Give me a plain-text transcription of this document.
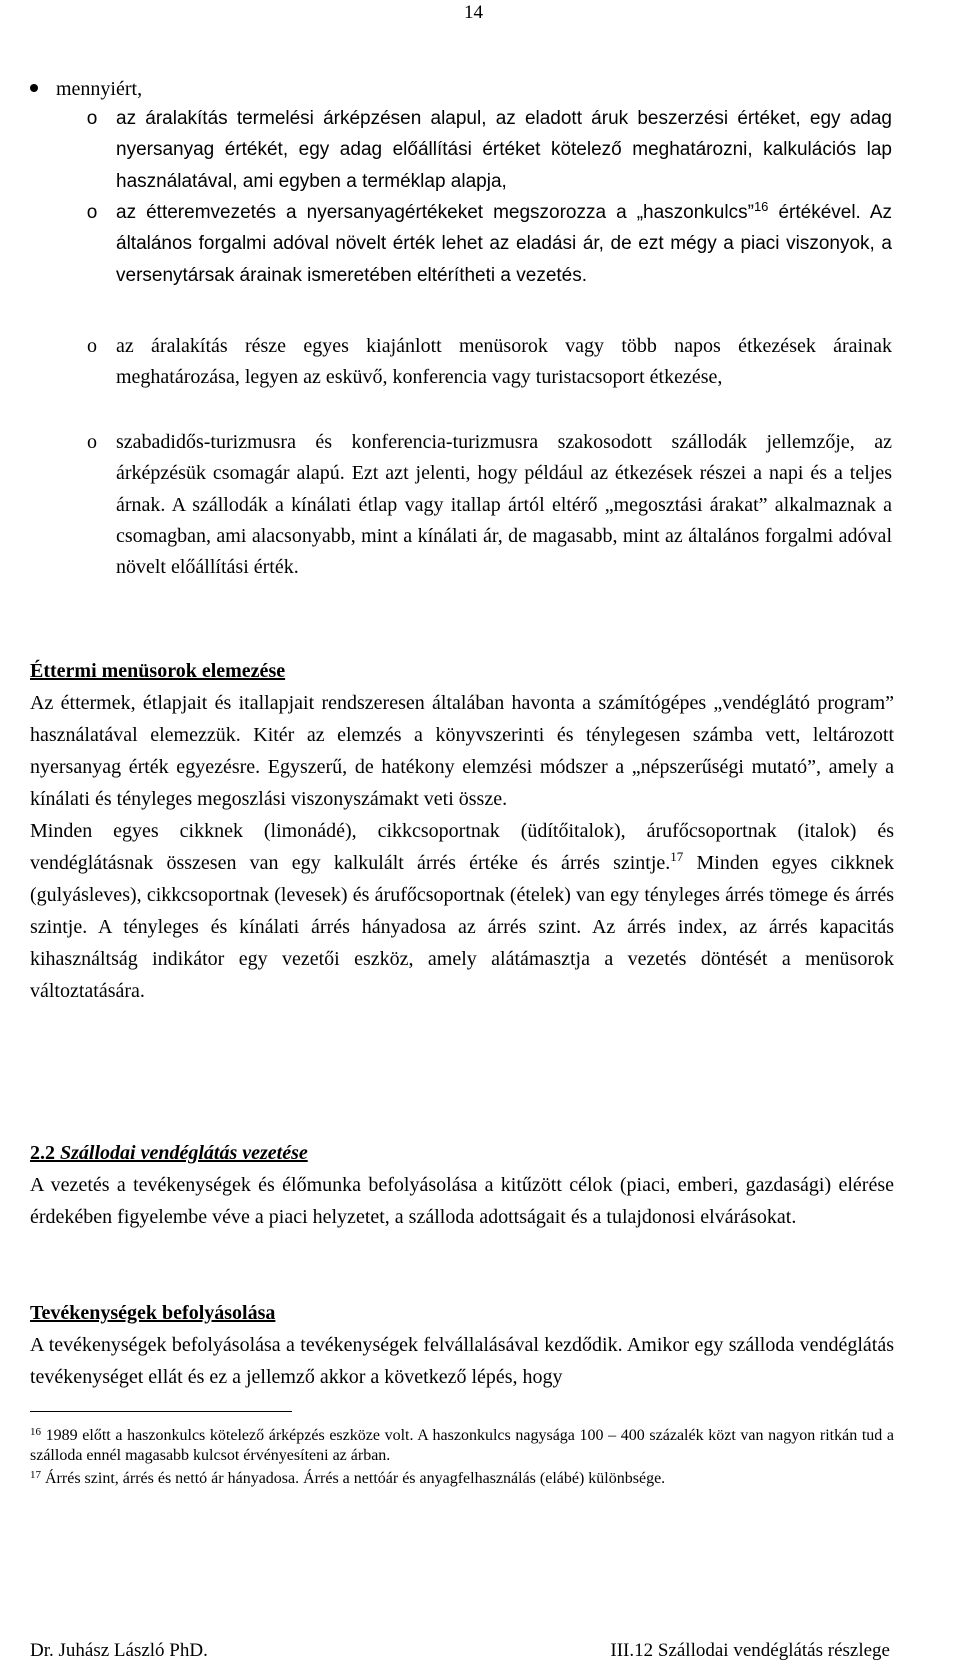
14
mennyiért,
o az áralakítás termelési árképzésen alapul, az eladott áruk beszerzési értéket, egy adag nyersanyag értékét, egy adag előállítási értéket kötelező meghatározni, kalkulációs lap használatával, ami egyben a terméklap alapja,
o az étteremvezetés a nyersanyagértékeket megszorozza a „haszonkulcs”$^{16}$ értékével. Az általános forgalmi adóval növelt érték lehet az eladási ár, de ezt mégy a piaci viszonyok, a versenytársak árainak ismeretében eltérítheti a vezetés.
o az áralakítás része egyes kiajánlott menüsorok vagy több napos étkezések árainak meghatározása, legyen az esküvő, konferencia vagy turistacsoport étkezése,
o szabadidős-turizmusra és konferencia-turizmusra szakosodott szállodák jellemzője, az árképzésük csomagár alapú. Ezt azt jelenti, hogy például az étkezések részei a napi és a teljes árnak. A szállodák a kínálati étlap vagy itallap ártól eltérő „megosztási árakat” alkalmaznak a csomagban, ami alacsonyabb, mint a kínálati ár, de magasabb, mint az általános forgalmi adóval növelt előállítási érték.
Éttermi menüsorok elemezése
Az éttermek, étlapjait és itallapjait rendszeresen általában havonta a számítógépes „vendéglátó program” használatával elemezzük. Kitér az elemzés a könyvszerinti és ténylegesen számba vett, leltározott nyersanyag érték egyezésre. Egyszerű, de hatékony elemzési módszer a „népszerűségi mutató”, amely a kínálati és tényleges megoszlási viszonyszámakt veti össze.
Minden egyes cikknek (limonádé), cikkcsoportnak (üdítőitalok), árufőcsoportnak (italok) és vendéglátásnak összesen van egy kalkulált árrés értéke és árrés szintje.$^{17}$ Minden egyes cikknek (gulyásleves), cikkcsoportnak (levesek) és árufőcsoportnak (ételek) van egy tényleges árrés tömege és árrés szintje. A tényleges és kínálati árrés hányadosa az árrés szint. Az árrés index, az árrés kapacitás kihasználtság indikátor egy vezetői eszköz, amely alátámasztja a vezetés döntését a menüsorok változtatására.
2.2 Szállodai vendéglátás vezetése
A vezetés a tevékenységek és élőmunka befolyásolása a kitűzött célok (piaci, emberi, gazdasági) elérése érdekében figyelembe véve a piaci helyzetet, a szálloda adottságait és a tulajdonosi elvárásokat.
Tevékenységek befolyásolása
A tevékenységek befolyásolása a tevékenységek felvállalásával kezdődik. Amikor egy szálloda vendéglátás tevékenységet ellát és ez a jellemző akkor a következő lépés, hogy
$^{16}$ 1989 előtt a haszonkulcs kötelező árképzés eszköze volt. A haszonkulcs nagysága 100 – 400 százalék közt van nagyon ritkán tud a szálloda ennél magasabb kulcsot érvényesíteni az árban.
$^{17}$ Árrés szint, árrés és nettó ár hányadosa. Árrés a nettóár és anyagfelhasználás (elábé) különbsége.
Dr. Juhász László PhD.	III.12 Szállodai vendéglátás részlege
